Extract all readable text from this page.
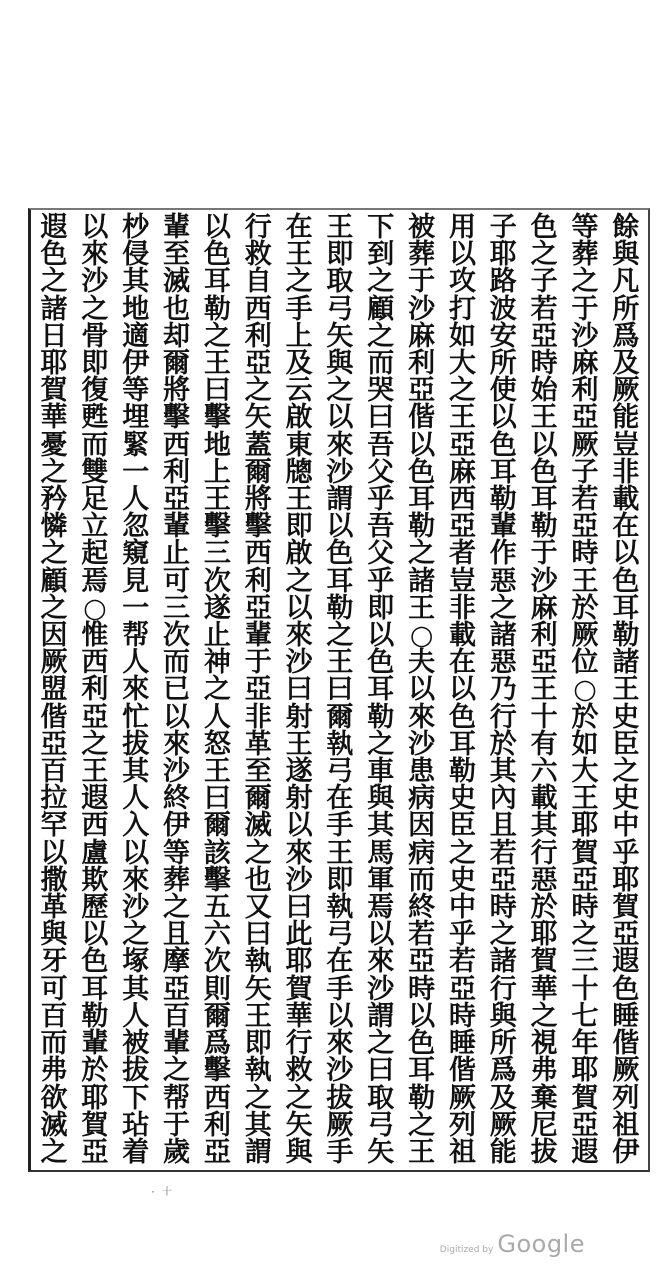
餘
與
凡
所
爲
及
厥
能
豈
非
載
在
以
色
耳
勒
諸
王
史
臣
之
史
中
乎
耶
賀
亞
遐
色
睡
偕
厥
列
祖
伊
等
葬
之
于
沙
麻
利
亞
厥
子
若
亞
時
王
於
厥
位
○
於
如
大
王
耶
賀
亞
時
之
三
十
七
年
耶
賀
亞
遐
色
之
子
若
亞
時
始
王
以
色
耳
勒
于
沙
麻
利
亞
王
十
有
六
載
其
行
惡
於
耶
賀
華
之
視
弗
棄
尼
拔
子
耶
路
波
安
所
使
以
色
耳
勒
輩
作
惡
之
諸
惡
乃
行
於
其
內
且
若
亞
時
之
諸
行
與
所
爲
及
厥
能
用
以
攻
打
如
大
之
王
亞
麻
西
亞
者
豈
非
載
在
以
色
耳
勒
史
臣
之
史
中
乎
若
亞
時
睡
偕
厥
列
祖
被
葬
于
沙
麻
利
亞
偕
以
色
耳
勒
之
諸
王
○
夫
以
來
沙
患
病
因
病
而
終
若
亞
時
以
色
耳
勒
之
王
下
到
之
顧
之
而
哭
曰
吾
父
乎
吾
父
乎
即
以
色
耳
勒
之
車
與
其
馬
軍
焉
以
來
沙
謂
之
曰
取
弓
矢
王
即
取
弓
矢
與
之
以
來
沙
謂
以
色
耳
勒
之
王
曰
爾
執
弓
在
手
王
即
執
弓
在
手
以
來
沙
拔
厥
手
在
王
之
手
上
及
云
啟
東
牕
王
即
啟
之
以
來
沙
曰
射
王
遂
射
以
來
沙
曰
此
耶
賀
華
行
救
之
矢
與
行
救
自
西
利
亞
之
矢
蓋
爾
將
擊
西
利
亞
輩
于
亞
非
革
至
爾
滅
之
也
又
曰
執
矢
王
即
執
之
其
謂
以
色
耳
勒
之
王
曰
擊
地
上
王
擊
三
次
遂
止
神
之
人
怒
王
曰
爾
該
擊
五
六
次
則
爾
爲
擊
西
利
亞
輩
至
滅
也
却
爾
將
擊
西
利
亞
輩
止
可
三
次
而
已
以
來
沙
終
伊
等
葬
之
且
摩
亞
百
輩
之
帮
于
歲
杪
侵
其
地
適
伊
等
埋
緊
一
人
忽
窺
見
一
帮
人
來
忙
拔
其
人
入
以
來
沙
之
塚
其
人
被
拔
下
玷
着
以
來
沙
之
骨
即
復
甦
而
雙
足
立
起
焉
○
惟
西
利
亞
之
王
遐
西
盧
欺
歷
以
色
耳
勒
輩
於
耶
賀
亞
遐
色
之
諸
日
耶
賀
華
憂
之
矜
憐
之
顧
之
因
厥
盟
偕
亞
百
拉
罕
以
撒
革
與
牙
可
百
而
弗
欲
滅
之
· 十
Digitized by Google
